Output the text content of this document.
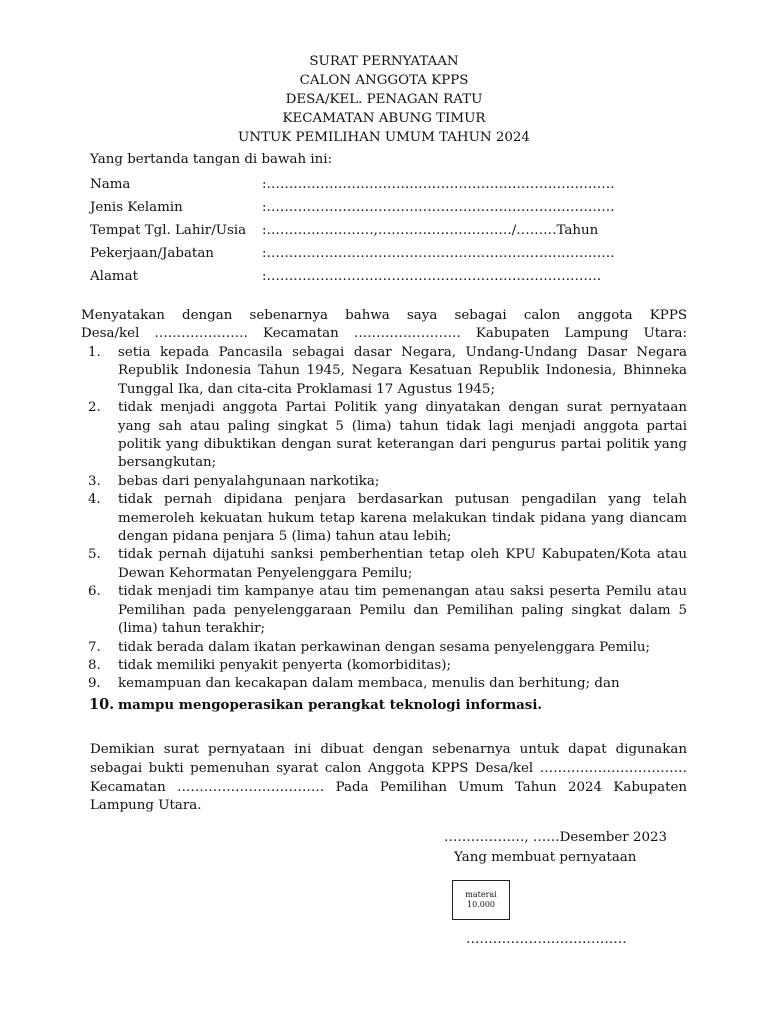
SURAT PERNYATAAN
CALON ANGGOTA KPPS
DESA/KEL. PENAGAN RATU
KECAMATAN ABUNG TIMUR
UNTUK PEMILIHAN UMUM TAHUN 2024
Yang bertanda tangan di bawah ini:
Nama	:……………………………………………………………………
Jenis Kelamin	:……………………………………………………………………
Tempat Tgl. Lahir/Usia :……………………,…………………………/………Tahun
Pekerjaan/Jabatan	:……………………………………………………………………
Alamat	:…………………………………………………………………

Menyatakan dengan sebenarnya bahwa saya sebagai calon anggota KPPS

Desa/kel ………………… Kecamatan …………………… Kabupaten Lampung Utara:

1.	setia kepada Pancasila sebagai dasar Negara, Undang-Undang Dasar Negara Republik Indonesia Tahun 1945, Negara Kesatuan Republik Indonesia, Bhinneka Tunggal Ika, dan cita-cita Proklamasi 17 Agustus 1945;
2.	tidak menjadi anggota Partai Politik yang dinyatakan dengan surat pernyataan yang sah atau paling singkat 5 (lima) tahun tidak lagi menjadi anggota partai politik yang dibuktikan dengan surat keterangan dari pengurus partai politik yang bersangkutan;
3.	bebas dari penyalahgunaan narkotika;
4.	tidak pernah dipidana penjara berdasarkan putusan pengadilan yang telah memeroleh kekuatan hukum tetap karena melakukan tindak pidana yang diancam dengan pidana penjara 5 (lima) tahun atau lebih;
5.	tidak pernah dijatuhi sanksi pemberhentian tetap oleh KPU Kabupaten/Kota atau Dewan Kehormatan Penyelenggara Pemilu;
6.	tidak menjadi tim kampanye atau tim pemenangan atau saksi peserta Pemilu atau Pemilihan pada penyelenggaraan Pemilu dan Pemilihan paling singkat dalam 5 (lima) tahun terakhir;
7.	tidak berada dalam ikatan perkawinan dengan sesama penyelenggara Pemilu;
8.	tidak memiliki penyakit penyerta (komorbiditas);
9.	kemampuan dan kecakapan dalam membaca, menulis dan berhitung; dan
10. mampu mengoperasikan perangkat teknologi informasi.
Demikian surat pernyataan ini dibuat dengan sebenarnya untuk dapat digunakan sebagai bukti pemenuhan syarat calon Anggota KPPS Desa/kel …………………………… Kecamatan …………………………… Pada Pemilihan Umum Tahun 2024 Kabupaten Lampung Utara.
………………, ……Desember 2023
Yang membuat pernyataan
materai
10.000
………………………………
